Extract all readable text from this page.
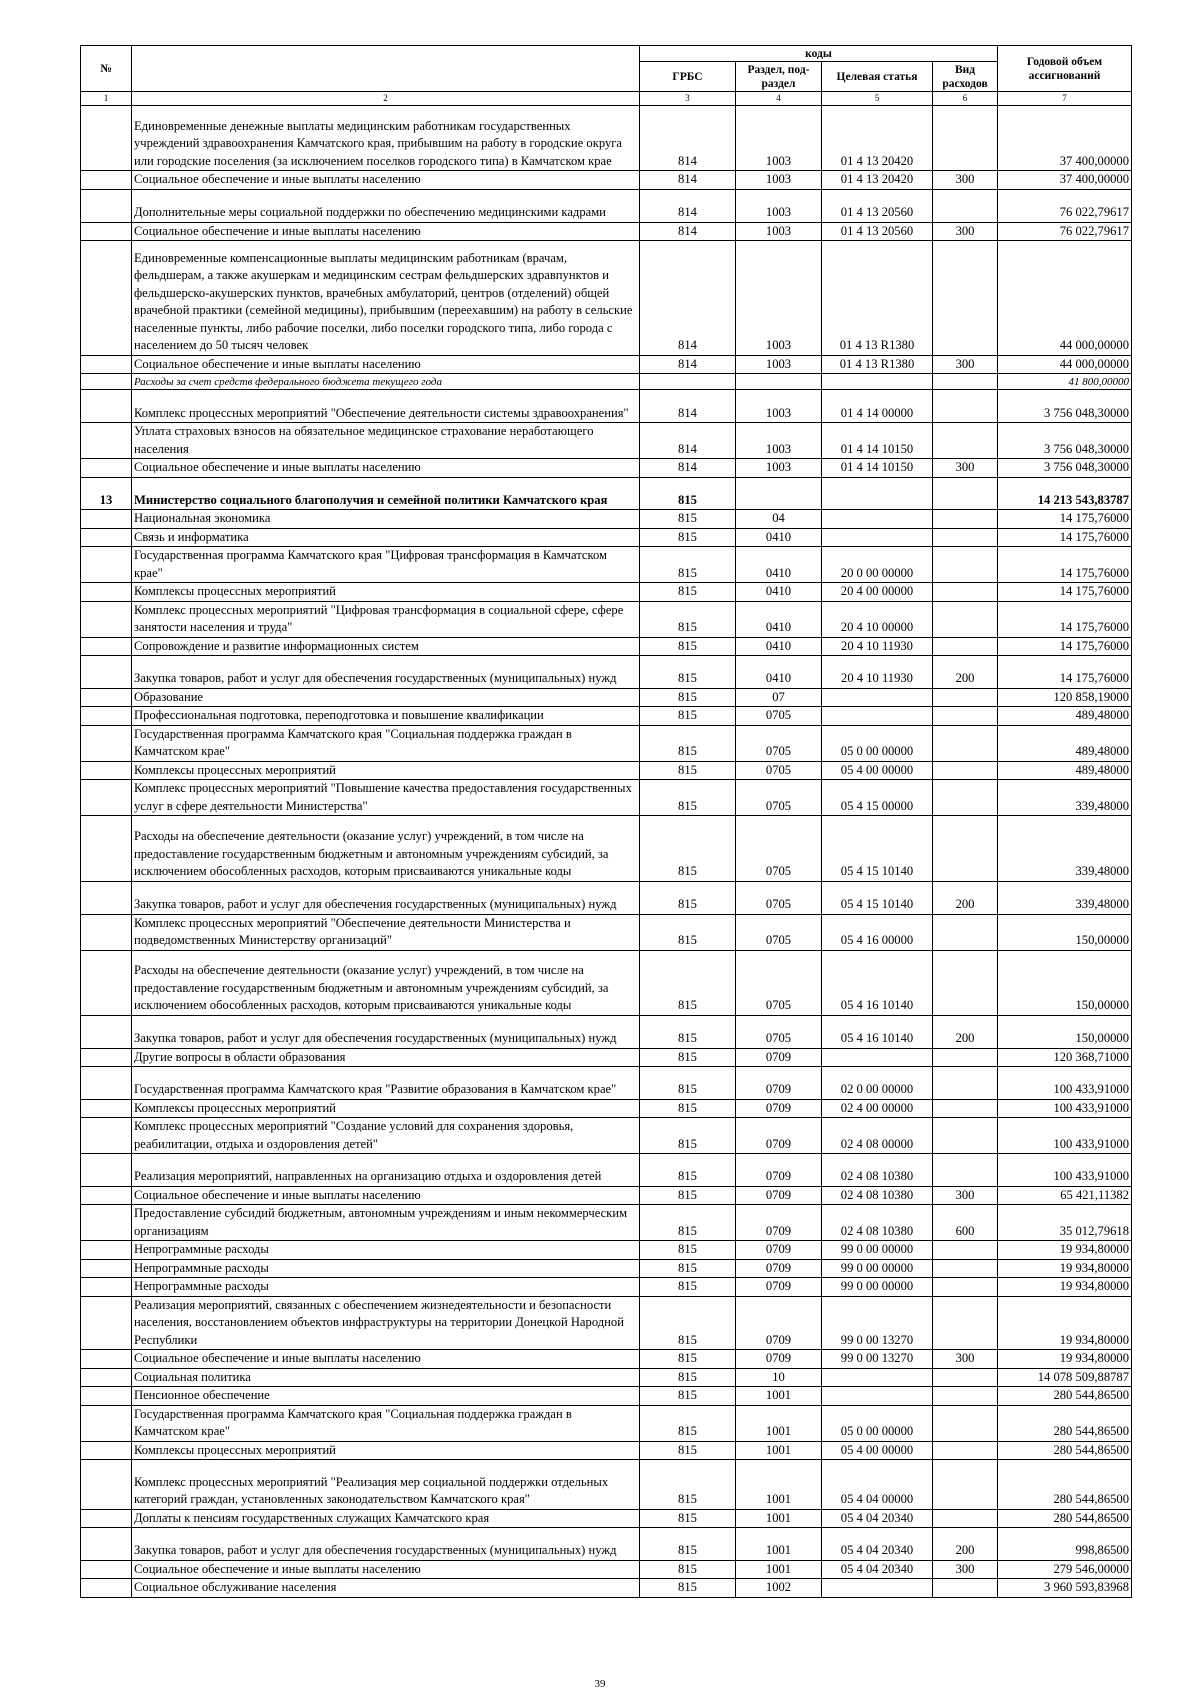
№		коды				Годовой объем ассигнований
		ГРБС	Раздел, под-раздел	Целевая статья	Вид расходов	
1	2	3	4	5	6	7
	Единовременные денежные выплаты медицинским работникам государственных учреждений здравоохранения Камчатского края, прибывшим на работу в городские округа или городские поселения (за исключением поселков городского типа) в Камчатском крае	814	1003	01 4 13 20420		37 400,00000
	Социальное обеспечение и иные выплаты населению	814	1003	01 4 13 20420	300	37 400,00000
	Дополнительные меры социальной поддержки по обеспечению медицинскими кадрами	814	1003	01 4 13 20560		76 022,79617
	Социальное обеспечение и иные выплаты населению	814	1003	01 4 13 20560	300	76 022,79617
	Единовременные компенсационные выплаты медицинским работникам (врачам, фельдшерам, а также акушеркам и медицинским сестрам фельдшерских здравпунктов и фельдшерско-акушерских пунктов, врачебных амбулаторий, центров (отделений) общей врачебной практики (семейной медицины), прибывшим (переехавшим) на работу в сельские населенные пункты, либо рабочие поселки, либо поселки городского типа, либо города с населением до 50 тысяч человек	814	1003	01 4 13 R1380		44 000,00000
	Социальное обеспечение и иные выплаты населению	814	1003	01 4 13 R1380	300	44 000,00000
	Расходы за счет средств федерального бюджета текущего года					41 800,00000
	Комплекс процессных мероприятий "Обеспечение деятельности системы здравоохранения"	814	1003	01 4 14 00000		3 756 048,30000
	Уплата страховых взносов на обязательное медицинское страхование неработающего населения	814	1003	01 4 14 10150		3 756 048,30000
	Социальное обеспечение и иные выплаты населению	814	1003	01 4 14 10150	300	3 756 048,30000
13	Министерство социального благополучия и семейной политики Камчатского края	815				14 213 543,83787
	Национальная экономика	815	04			14 175,76000
	Связь и информатика	815	0410			14 175,76000
	Государственная программа Камчатского края "Цифровая трансформация в Камчатском крае"	815	0410	20 0 00 00000		14 175,76000
	Комплексы процессных мероприятий	815	0410	20 4 00 00000		14 175,76000
	Комплекс процессных мероприятий "Цифровая трансформация в социальной сфере, сфере занятости населения и труда"	815	0410	20 4 10 00000		14 175,76000
	Сопровождение и развитие информационных систем	815	0410	20 4 10 11930		14 175,76000
	Закупка товаров, работ и услуг для обеспечения государственных (муниципальных) нужд	815	0410	20 4 10 11930	200	14 175,76000
	Образование	815	07			120 858,19000
	Профессиональная подготовка, переподготовка и повышение квалификации	815	0705			489,48000
	Государственная программа Камчатского края "Социальная поддержка граждан в Камчатском крае"	815	0705	05 0 00 00000		489,48000
	Комплексы процессных мероприятий	815	0705	05 4 00 00000		489,48000
	Комплекс процессных мероприятий "Повышение качества предоставления государственных услуг в сфере деятельности Министерства"	815	0705	05 4 15 00000		339,48000
	Расходы на обеспечение деятельности (оказание услуг) учреждений, в том числе на предоставление государственным бюджетным и автономным учреждениям субсидий, за исключением обособленных расходов, которым присваиваются уникальные коды	815	0705	05 4 15 10140		339,48000
	Закупка товаров, работ и услуг для обеспечения государственных (муниципальных) нужд	815	0705	05 4 15 10140	200	339,48000
	Комплекс процессных мероприятий "Обеспечение деятельности Министерства и подведомственных Министерству организаций"	815	0705	05 4 16 00000		150,00000
	Расходы на обеспечение деятельности (оказание услуг) учреждений, в том числе на предоставление государственным бюджетным и автономным учреждениям субсидий, за исключением обособленных расходов, которым присваиваются уникальные коды	815	0705	05 4 16 10140		150,00000
	Закупка товаров, работ и услуг для обеспечения государственных (муниципальных) нужд	815	0705	05 4 16 10140	200	150,00000
	Другие вопросы в области образования	815	0709			120 368,71000
	Государственная программа Камчатского края "Развитие образования в Камчатском крае"	815	0709	02 0 00 00000		100 433,91000
	Комплексы процессных мероприятий	815	0709	02 4 00 00000		100 433,91000
	Комплекс процессных мероприятий "Создание условий для сохранения здоровья, реабилитации, отдыха и оздоровления детей"	815	0709	02 4 08 00000		100 433,91000
	Реализация мероприятий, направленных на организацию отдыха и оздоровления детей	815	0709	02 4 08 10380		100 433,91000
	Социальное обеспечение и иные выплаты населению	815	0709	02 4 08 10380	300	65 421,11382
	Предоставление субсидий бюджетным, автономным учреждениям и иным некоммерческим организациям	815	0709	02 4 08 10380	600	35 012,79618
	Непрограммные расходы	815	0709	99 0 00 00000		19 934,80000
	Непрограммные расходы	815	0709	99 0 00 00000		19 934,80000
	Непрограммные расходы	815	0709	99 0 00 00000		19 934,80000
	Реализация мероприятий, связанных с обеспечением жизнедеятельности и безопасности населения, восстановлением объектов инфраструктуры на территории Донецкой Народной Республики	815	0709	99 0 00 13270		19 934,80000
	Социальное обеспечение и иные выплаты населению	815	0709	99 0 00 13270	300	19 934,80000
	Социальная политика	815	10			14 078 509,88787
	Пенсионное обеспечение	815	1001			280 544,86500
	Государственная программа Камчатского края "Социальная поддержка граждан в Камчатском крае"	815	1001	05 0 00 00000		280 544,86500
	Комплексы процессных мероприятий	815	1001	05 4 00 00000		280 544,86500
	Комплекс процессных мероприятий "Реализация мер социальной поддержки отдельных категорий граждан, установленных законодательством Камчатского края"	815	1001	05 4 04 00000		280 544,86500
	Доплаты к пенсиям государственных служащих Камчатского края	815	1001	05 4 04 20340		280 544,86500
	Закупка товаров, работ и услуг для обеспечения государственных (муниципальных) нужд	815	1001	05 4 04 20340	200	998,86500
	Социальное обеспечение и иные выплаты населению	815	1001	05 4 04 20340	300	279 546,00000
	Социальное обслуживание населения	815	1002			3 960 593,83968
39
